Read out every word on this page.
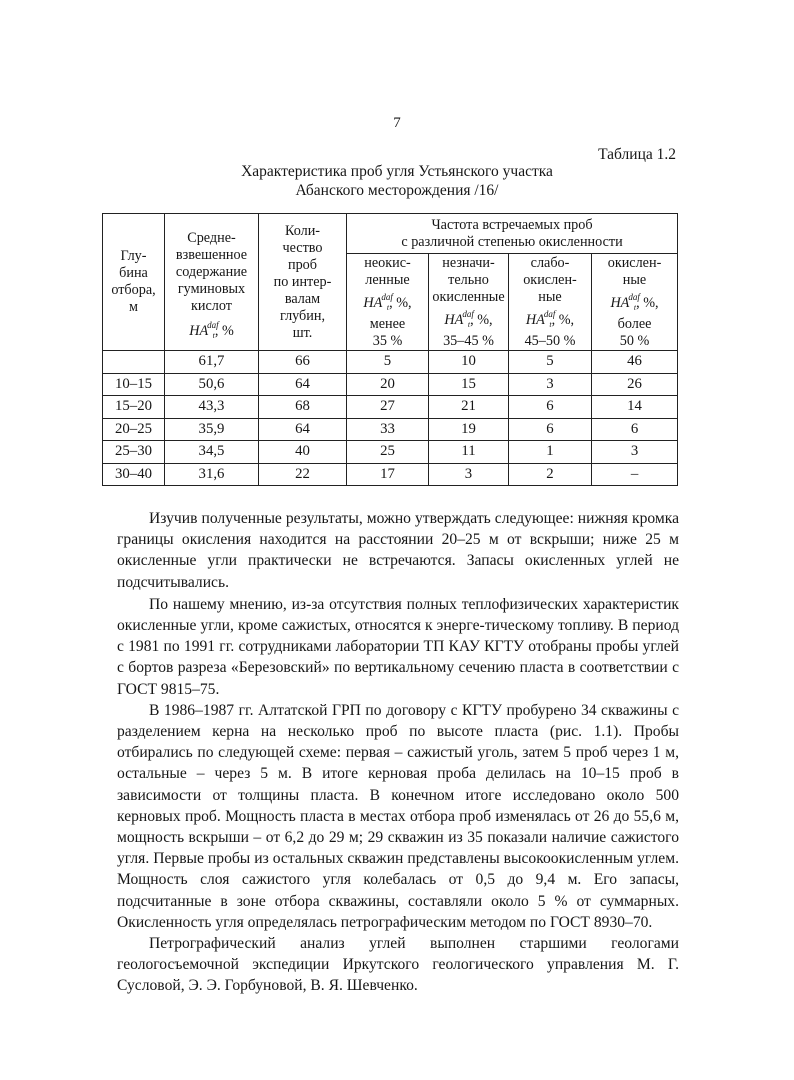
7
Таблица 1.2
Характеристика проб угля Устьянского участка
Абанского месторождения /16/
Глу-
бина
отбора,
м

Средне-
взвешенное
содержание
гуминовых
кислот
$HA^{daf}_t$, %

Коли-
чество
проб
по интер-
валам
глубин,
шт.

Частота встречаемых проб
с различной степенью окисленности

неокис-
ленные
$HA^{daf}_t$, %,
менее
35 %

незначи-
тельно
окисленные
$HA^{daf}_t$, %,
35–45 %

слабо-
окислен-
ные
$HA^{daf}_t$, %,
45–50 %

окислен-
ные
$HA^{daf}_t$, %,
более
50 %

	61,7	66	5	10	5	46
10–15	50,6	64	20	15	3	26
15–20	43,3	68	27	21	6	14
20–25	35,9	64	33	19	6	6
25–30	34,5	40	25	11	1	3
30–40	31,6	22	17	3	2	–

Изучив полученные результаты, можно утверждать следующее: нижняя кромка границы окисления находится на расстоянии 20–25 м от вскрыши; ниже 25 м окисленные угли практически не встречаются. Запасы окисленных углей не подсчитывались.

По нашему мнению, из-за отсутствия полных теплофизических характеристик окисленные угли, кроме сажистых, относятся к энерге-тическому топливу. В период с 1981 по 1991 гг. сотрудниками лаборатории ТП КАУ КГТУ отобраны пробы углей с бортов разреза «Березовский» по вертикальному сечению пласта в соответствии с ГОСТ 9815–75.

В 1986–1987 гг. Алтатской ГРП по договору с КГТУ пробурено 34 скважины с разделением керна на несколько проб по высоте пласта (рис. 1.1). Пробы отбирались по следующей схеме: первая – сажистый уголь, затем 5 проб через 1 м, остальные – через 5 м. В итоге керновая проба делилась на 10–15 проб в зависимости от толщины пласта. В конечном итоге исследовано около 500 керновых проб. Мощность пласта в местах отбора проб изменялась от 26 до 55,6 м, мощность вскрыши – от 6,2 до 29 м; 29 скважин из 35 показали наличие сажистого угля. Первые пробы из остальных скважин представлены высокоокисленным углем. Мощность слоя сажистого угля колебалась от 0,5 до 9,4 м. Его запасы, подсчитанные в зоне отбора скважины, составляли около 5 % от суммарных. Окисленность угля определялась петрографическим методом по ГОСТ 8930–70.

Петрографический анализ углей выполнен старшими геологами геологосъемочной экспедиции Иркутского геологического управления М. Г. Сусловой, Э. Э. Горбуновой, В. Я. Шевченко.
